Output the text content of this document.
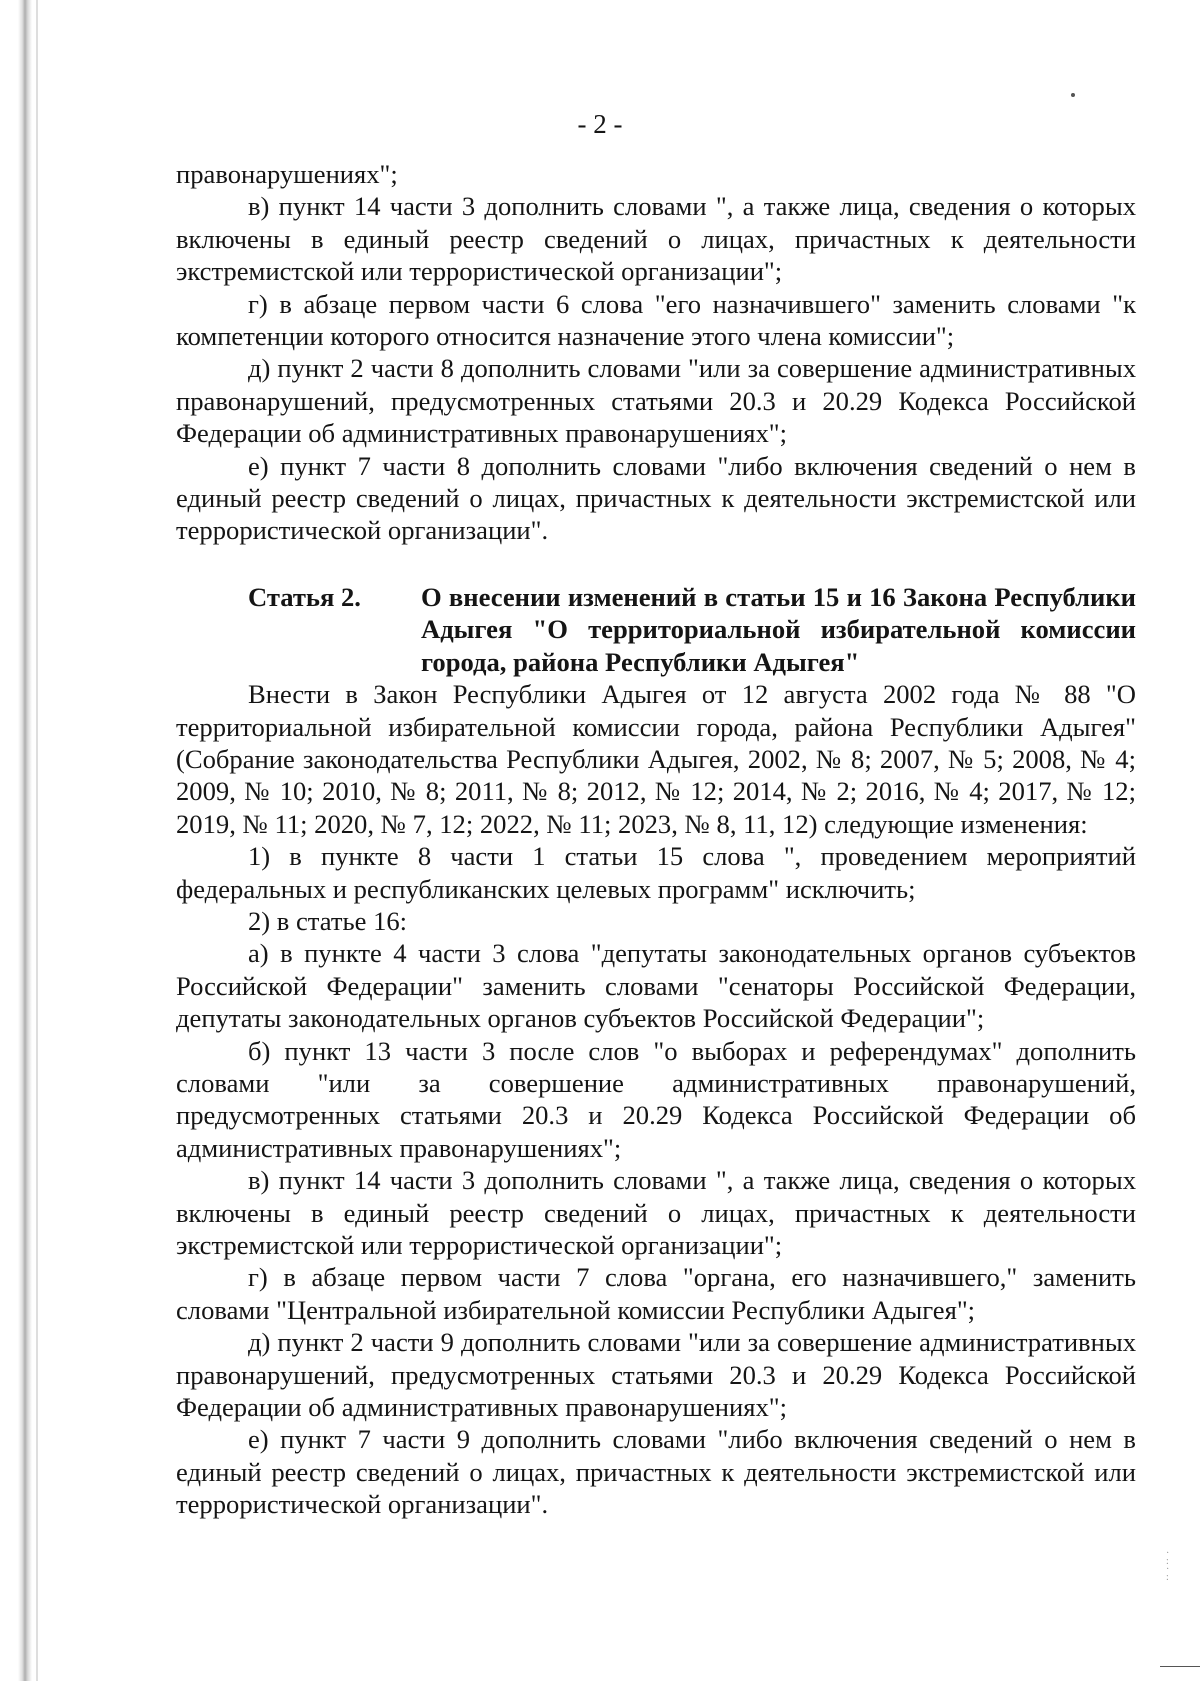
- 2 -

правонарушениях";

в) пункт 14 части 3 дополнить словами ", а также лица, сведения о которых включены в единый реестр сведений о лицах, причастных к деятельности экстремистской или террористической организации";

г) в абзаце первом части 6 слова "его назначившего" заменить словами "к компетенции которого относится назначение этого члена комиссии";

д) пункт 2 части 8 дополнить словами "или за совершение административных правонарушений, предусмотренных статьями 20.3 и 20.29 Кодекса Российской Федерации об административных правонарушениях";

е) пункт 7 части 8 дополнить словами "либо включения сведений о нем в единый реестр сведений о лицах, причастных к деятельности экстремистской или террористической организации".

Статья 2.	О внесении изменений в статьи 15 и 16 Закона Республики Адыгея "О территориальной избирательной комиссии города, района Республики Адыгея"

Внести в Закон Республики Адыгея от 12 августа 2002 года № 88 "О территориальной избирательной комиссии города, района Республики Адыгея" (Собрание законодательства Республики Адыгея, 2002, № 8; 2007, № 5; 2008, № 4; 2009, № 10; 2010, № 8; 2011, № 8; 2012, № 12; 2014, № 2; 2016, № 4; 2017, № 12; 2019, № 11; 2020, № 7, 12; 2022, № 11; 2023, № 8, 11, 12) следующие изменения:

1) в пункте 8 части 1 статьи 15 слова ", проведением мероприятий федеральных и республиканских целевых программ" исключить;

2) в статье 16:

а) в пункте 4 части 3 слова "депутаты законодательных органов субъектов Российской Федерации" заменить словами "сенаторы Российской Федерации, депутаты законодательных органов субъектов Российской Федерации";

б) пункт 13 части 3 после слов "о выборах и референдумах" дополнить словами "или за совершение административных правонарушений, предусмотренных статьями 20.3 и 20.29 Кодекса Российской Федерации об административных правонарушениях";

в) пункт 14 части 3 дополнить словами ", а также лица, сведения о которых включены в единый реестр сведений о лицах, причастных к деятельности экстремистской или террористической организации";

г) в абзаце первом части 7 слова "органа, его назначившего," заменить словами "Центральной избирательной комиссии Республики Адыгея";

д) пункт 2 части 9 дополнить словами "или за совершение административных правонарушений, предусмотренных статьями 20.3 и 20.29 Кодекса Российской Федерации об административных правонарушениях";

е) пункт 7 части 9 дополнить словами "либо включения сведений о нем в единый реестр сведений о лицах, причастных к деятельности экстремистской или террористической организации".

·
:
·
:
